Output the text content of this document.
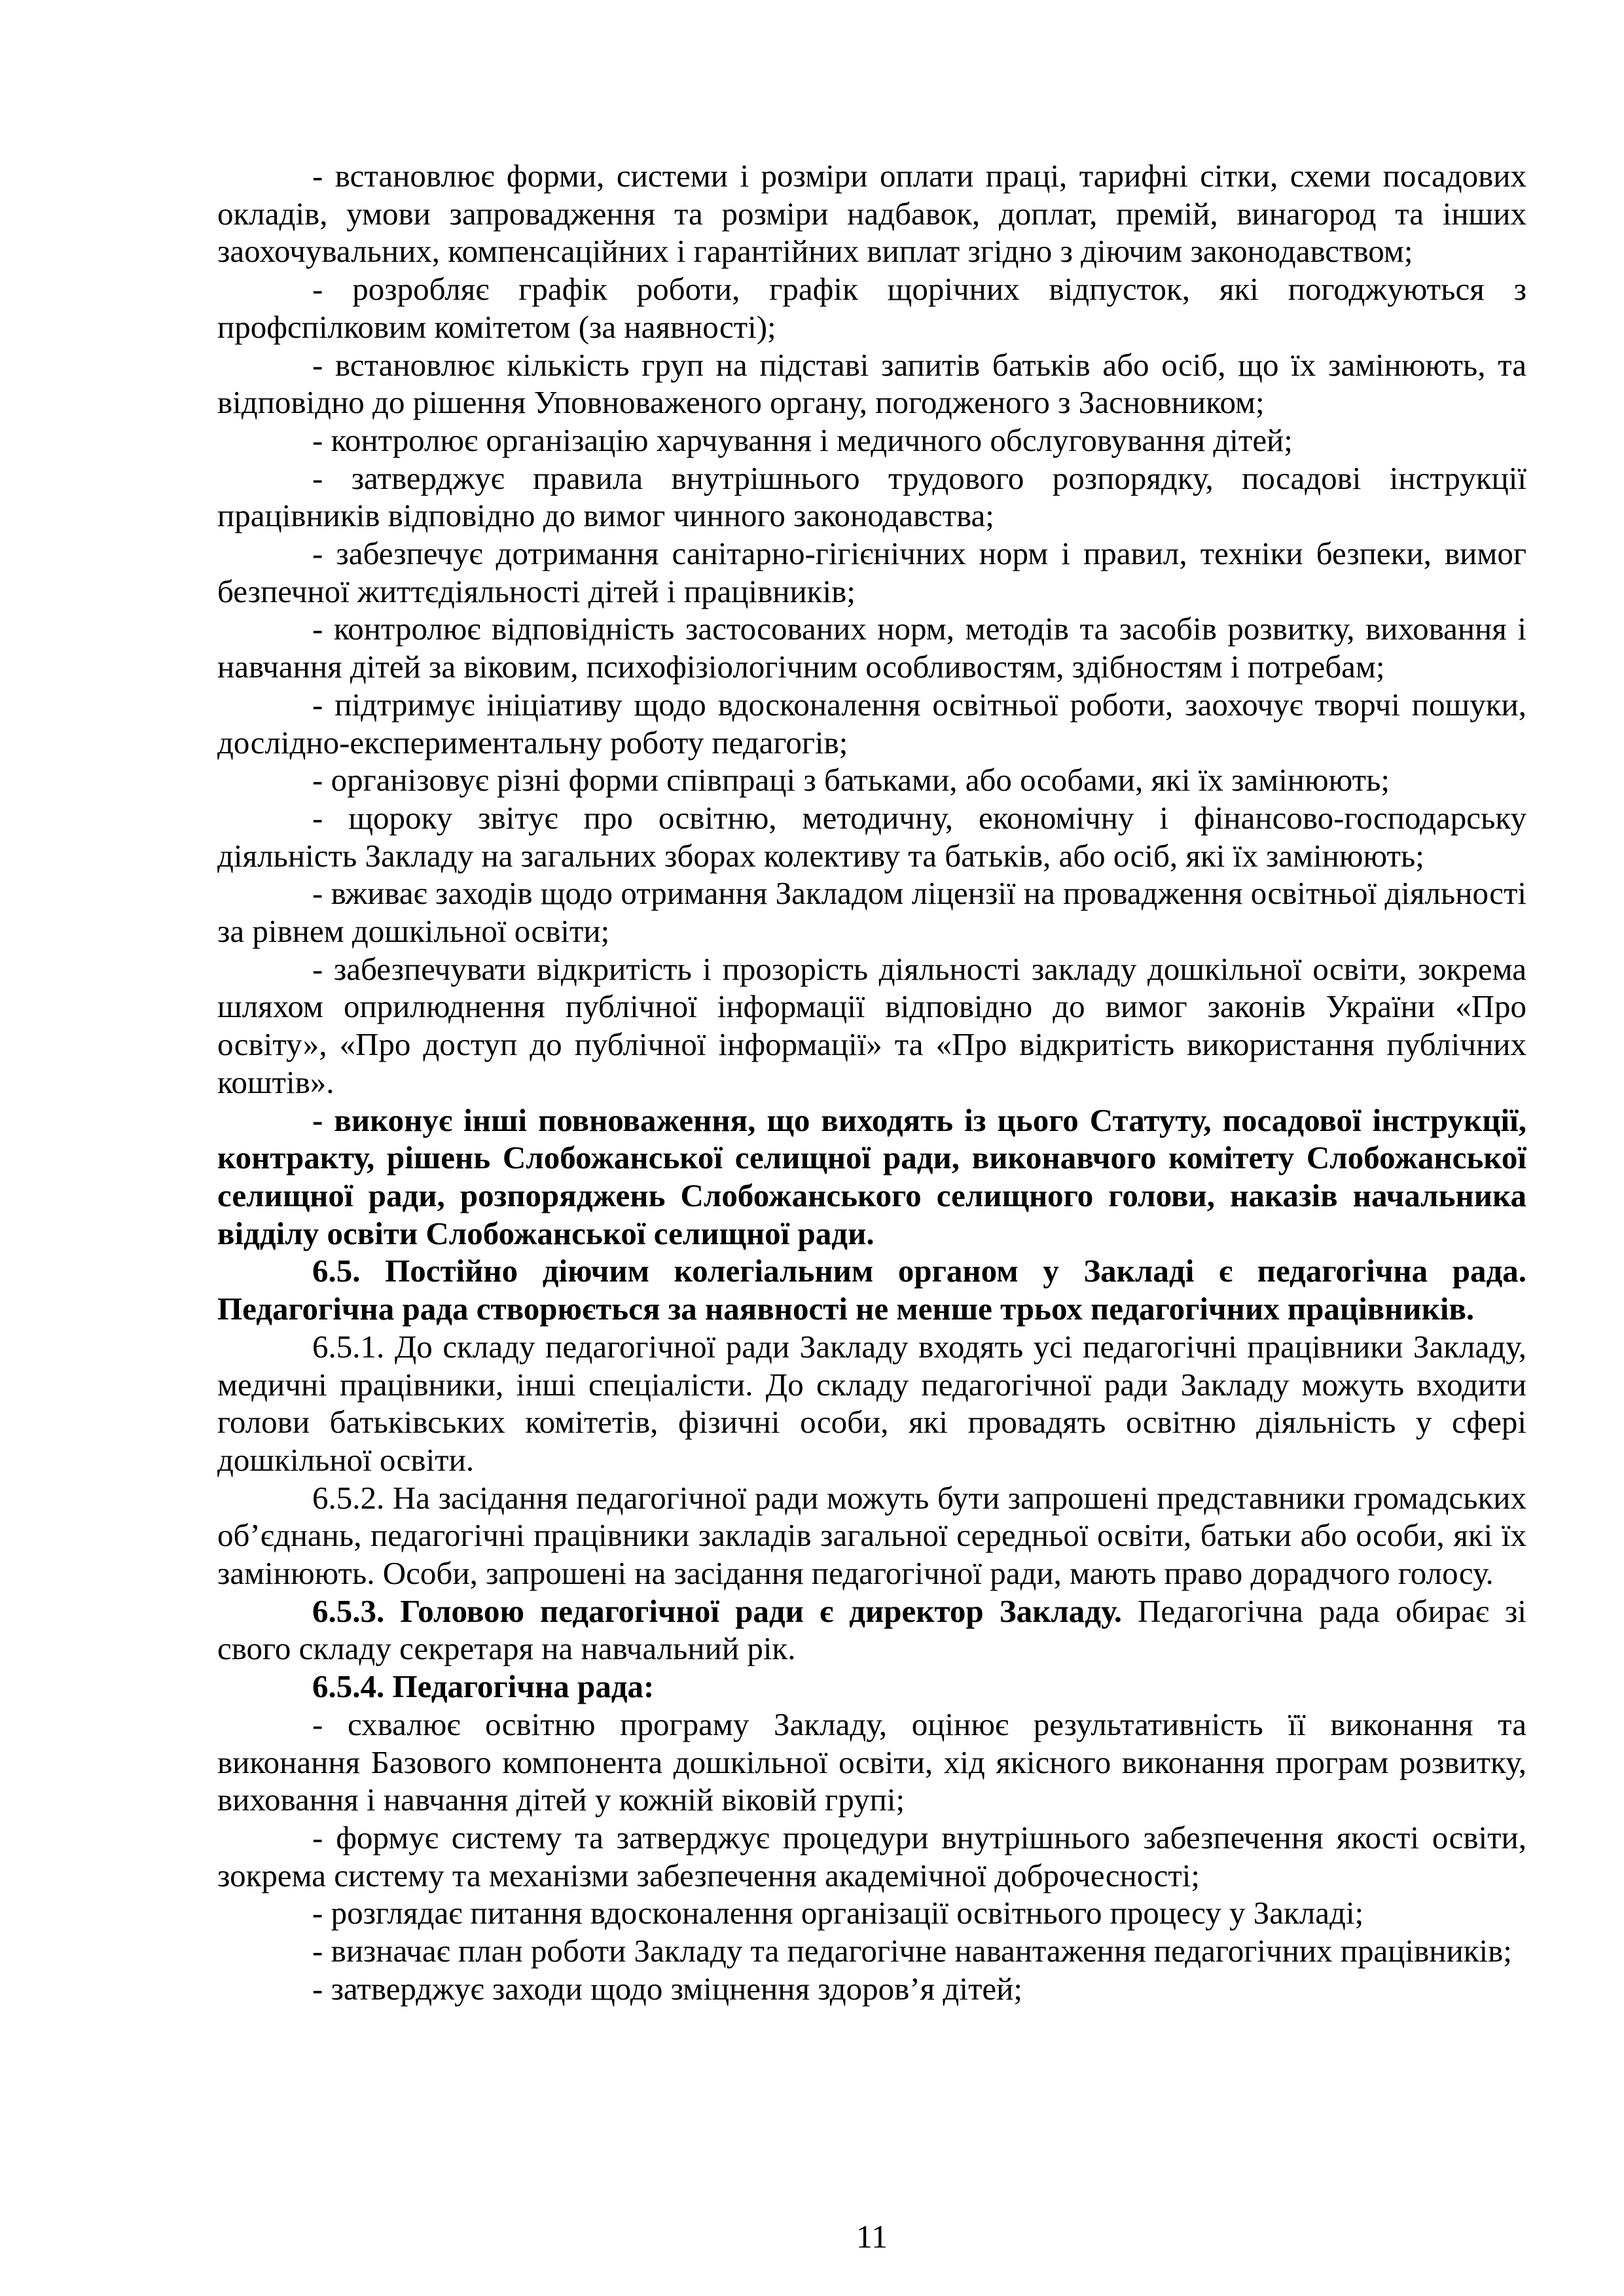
- встановлює форми, системи і розміри оплати праці, тарифні сітки, схеми посадових окладів, умови запровадження та розміри надбавок, доплат, премій, винагород та інших заохочувальних, компенсаційних і гарантійних виплат згідно з діючим законодавством;

- розробляє графік роботи, графік щорічних відпусток, які погоджуються з профспілковим комітетом (за наявності);

- встановлює кількість груп на підставі запитів батьків або осіб, що їх замінюють, та відповідно до рішення Уповноваженого органу, погодженого з Засновником;

- контролює організацію харчування і медичного обслуговування дітей;

- затверджує правила внутрішнього трудового розпорядку, посадові інструкції працівників відповідно до вимог чинного законодавства;

- забезпечує дотримання санітарно-гігієнічних норм і правил, техніки безпеки, вимог безпечної життєдіяльності дітей і працівників;

- контролює відповідність застосованих норм, методів та засобів розвитку, виховання і навчання дітей за віковим, психофізіологічним особливостям, здібностям і потребам;

- підтримує ініціативу щодо вдосконалення освітньої роботи, заохочує творчі пошуки, дослідно-експериментальну роботу педагогів;

- організовує різні форми співпраці з батьками, або особами, які їх замінюють;

- щороку звітує про освітню, методичну, економічну і фінансово-господарську діяльність Закладу на загальних зборах колективу та батьків, або осіб, які їх замінюють;

- вживає заходів щодо отримання Закладом ліцензії на провадження освітньої діяльності за рівнем дошкільної освіти;

- забезпечувати відкритість і прозорість діяльності закладу дошкільної освіти, зокрема шляхом оприлюднення публічної інформації відповідно до вимог законів України «Про освіту», «Про доступ до публічної інформації» та «Про відкритість використання публічних коштів».

- виконує інші повноваження, що виходять із цього Статуту, посадової інструкції, контракту, рішень Слобожанської селищної ради, виконавчого комітету Слобожанської селищної ради, розпоряджень Слобожанського селищного голови, наказів начальника відділу освіти Слобожанської селищної ради.

6.5. Постійно діючим колегіальним органом у Закладі є педагогічна рада. Педагогічна рада створюється за наявності не менше трьох педагогічних працівників.

6.5.1. До складу педагогічної ради Закладу входять усі педагогічні працівники Закладу, медичні працівники, інші спеціалісти. До складу педагогічної ради Закладу можуть входити голови батьківських комітетів, фізичні особи, які провадять освітню діяльність у сфері дошкільної освіти.

6.5.2. На засідання педагогічної ради можуть бути запрошені представники громадських об’єднань, педагогічні працівники закладів загальної середньої освіти, батьки або особи, які їх замінюють. Особи, запрошені на засідання педагогічної ради, мають право дорадчого голосу.

6.5.3. Головою педагогічної ради є директор Закладу. Педагогічна рада обирає зі свого складу секретаря на навчальний рік.

6.5.4. Педагогічна рада:

- схвалює освітню програму Закладу, оцінює результативність її виконання та виконання Базового компонента дошкільної освіти, хід якісного виконання програм розвитку, виховання і навчання дітей у кожній віковій групі;

- формує систему та затверджує процедури внутрішнього забезпечення якості освіти, зокрема систему та механізми забезпечення академічної доброчесності;

- розглядає питання вдосконалення організації освітнього процесу у Закладі;

- визначає план роботи Закладу та педагогічне навантаження педагогічних працівників;

- затверджує заходи щодо зміцнення здоров’я дітей;

11
